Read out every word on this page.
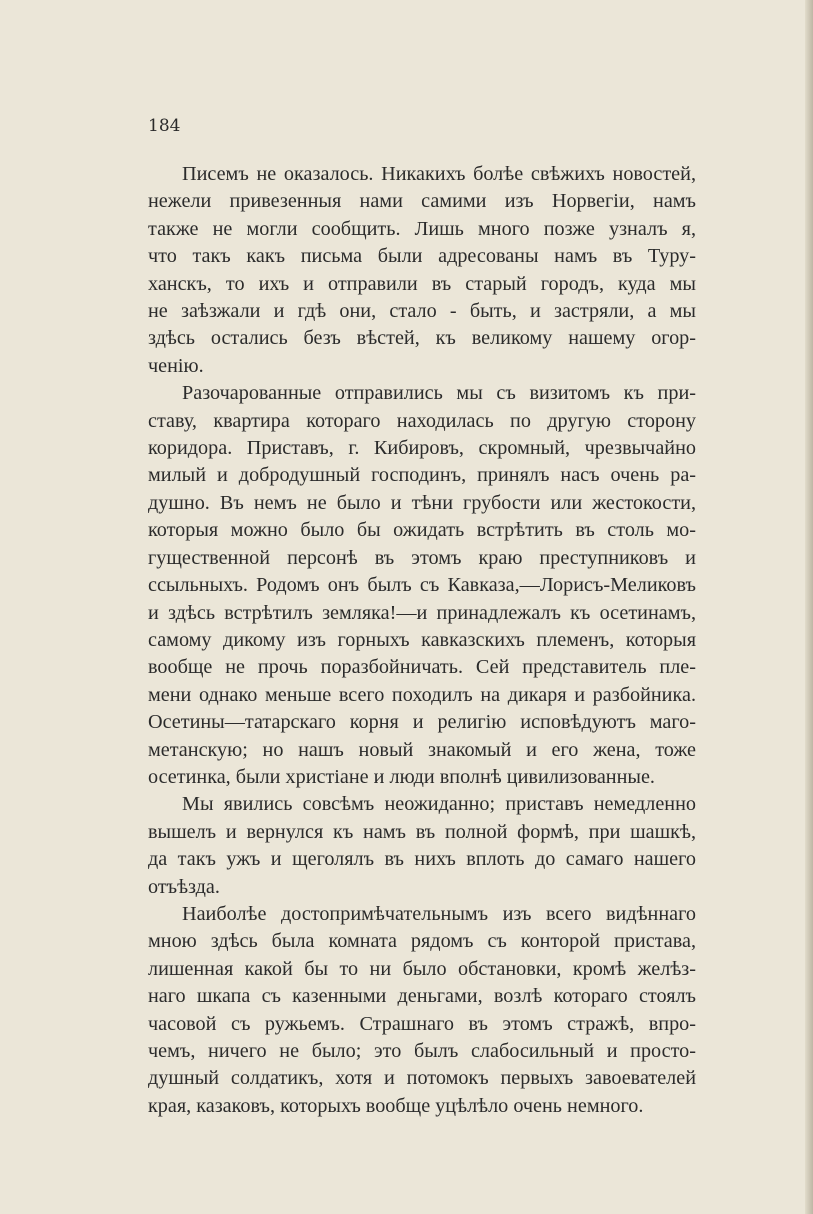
184
Писемъ не оказалось. Никакихъ болѣе свѣжихъ новостей,
нежели привезенныя нами самими изъ Норвегiи, намъ
также не могли сообщить. Лишь много позже узналъ я,
что такъ какъ письма были адресованы намъ въ Туру-
ханскъ, то ихъ и отправили въ старый городъ, куда мы
не заѣзжали и гдѣ они, стало - быть, и застряли, а мы
здѣсь остались безъ вѣстей, къ великому нашему огор-
ченiю.
Разочарованные отправились мы съ визитомъ къ при-
ставу, квартира котораго находилась по другую сторону
коридора. Приставъ, г. Кибировъ, скромный, чрезвычайно
милый и добродушный господинъ, принялъ насъ очень ра-
душно. Въ немъ не было и тѣни грубости или жестокости,
которыя можно было бы ожидать встрѣтить въ столь мо-
гущественной персонѣ въ этомъ краю преступниковъ и
ссыльныхъ. Родомъ онъ былъ съ Кавказа,—Лорисъ-Меликовъ
и здѣсь встрѣтилъ земляка!—и принадлежалъ къ осетинамъ,
самому дикому изъ горныхъ кавказскихъ племенъ, которыя
вообще не прочь поразбойничать. Сей представитель пле-
мени однако меньше всего походилъ на дикаря и разбойника.
Осетины—татарскаго корня и религiю исповѣдуютъ маго-
метанскую; но нашъ новый знакомый и его жена, тоже
осетинка, были христiане и люди вполнѣ цивилизованные.
Мы явились совсѣмъ неожиданно; приставъ немедленно
вышелъ и вернулся къ намъ въ полной формѣ, при шашкѣ,
да такъ ужъ и щеголялъ въ нихъ вплоть до самаго нашего
отъѣзда.
Наиболѣе достопримѣчательнымъ изъ всего видѣннаго
мною здѣсь была комната рядомъ съ конторой пристава,
лишенная какой бы то ни было обстановки, кромѣ желѣз-
наго шкапа съ казенными деньгами, возлѣ котораго стоялъ
часовой съ ружьемъ. Страшнаго въ этомъ стражѣ, впро-
чемъ, ничего не было; это былъ слабосильный и просто-
душный солдатикъ, хотя и потомокъ первыхъ завоевателей
края, казаковъ, которыхъ вообще уцѣлѣло очень немного.
